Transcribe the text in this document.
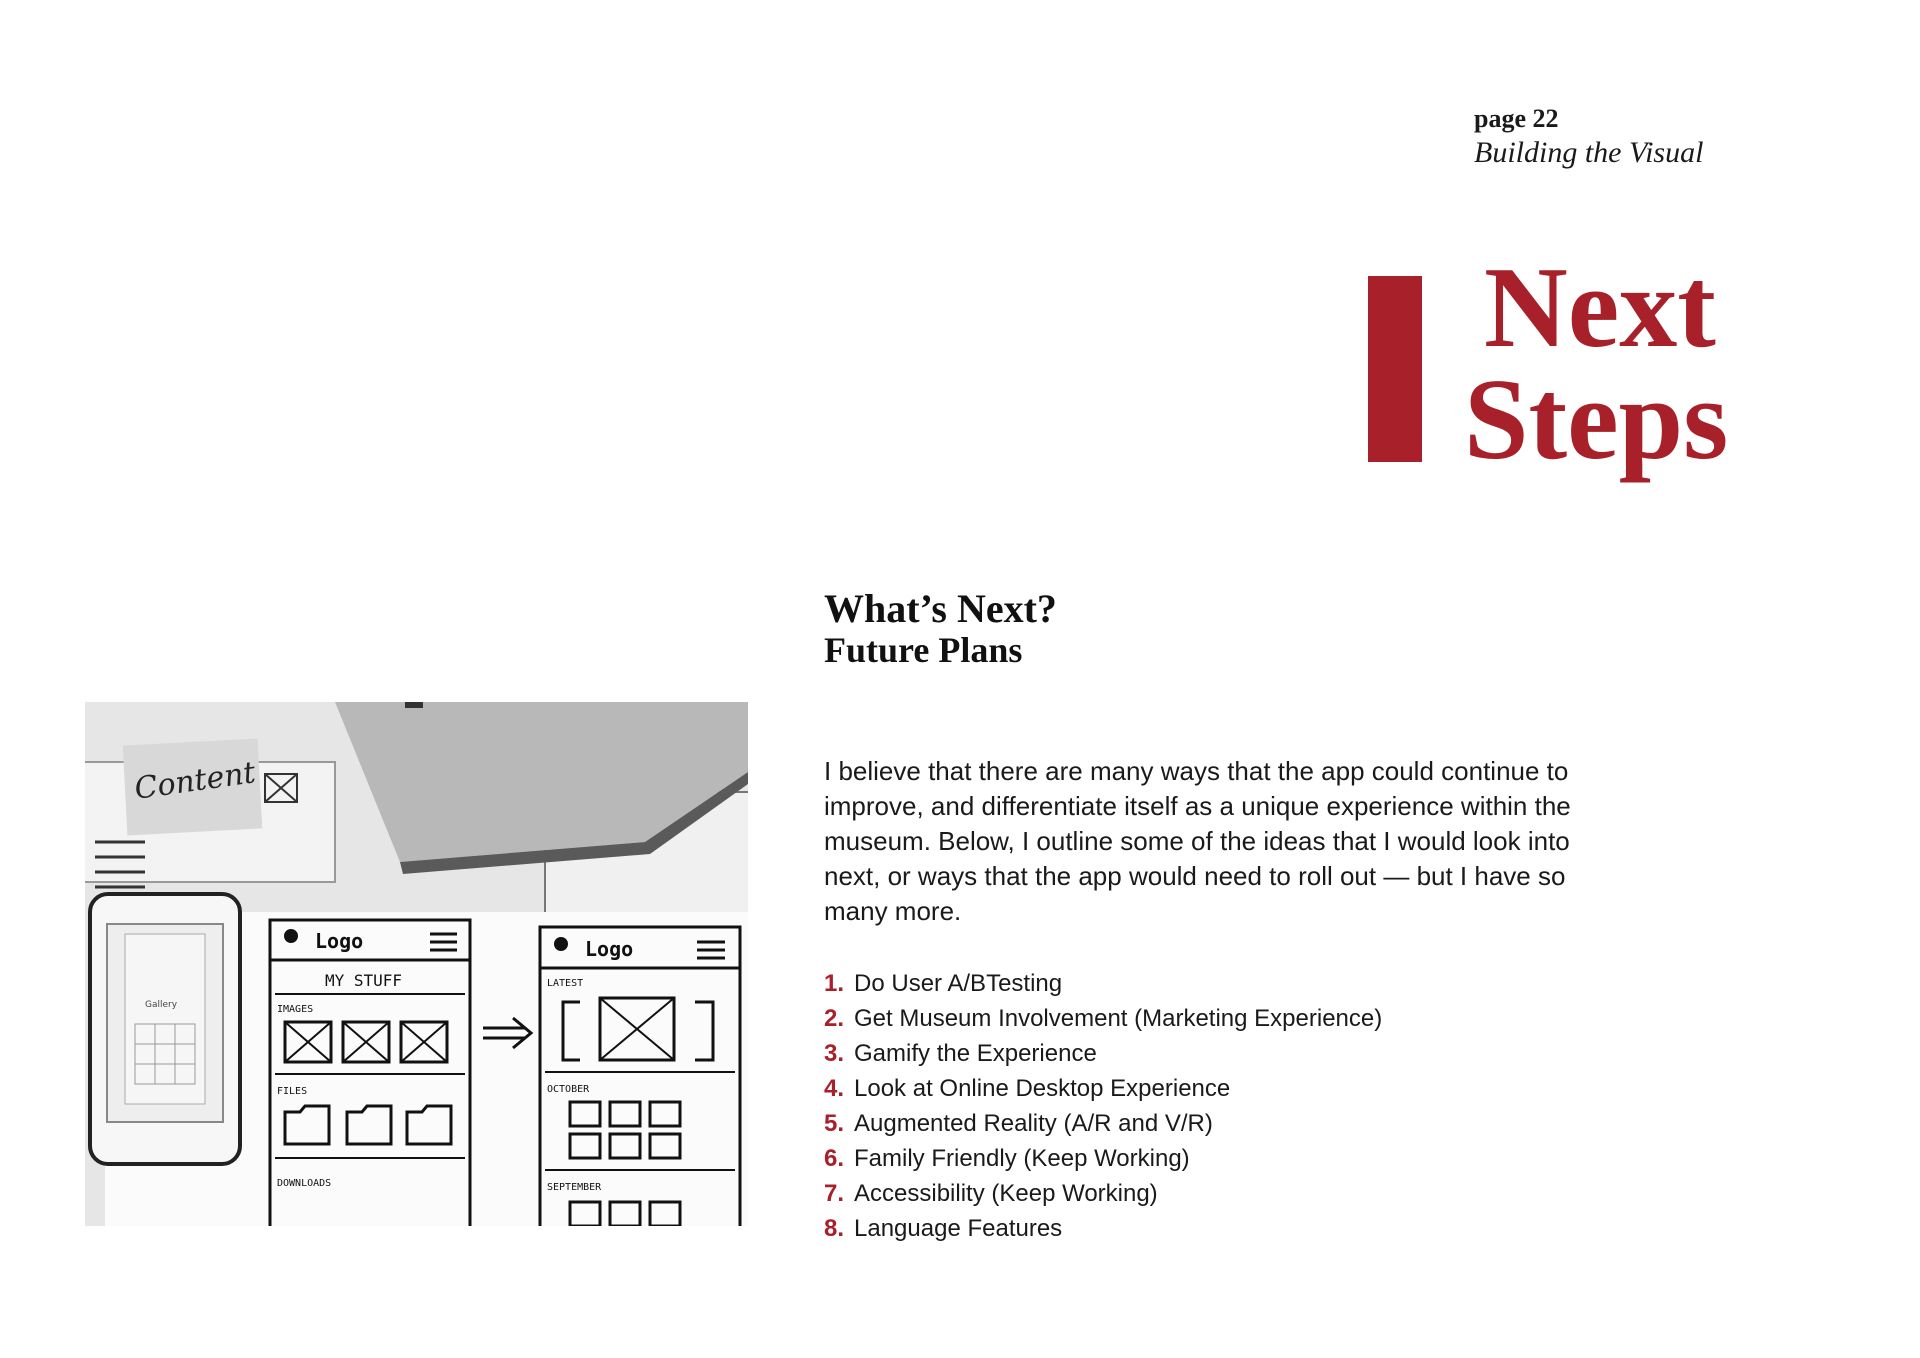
page 22
Building the Visual
Next
Steps
What’s Next?
Future Plans

I believe that there are many ways that the app could continue to improve, and differentiate itself as a unique experience within the museum. Below, I outline some of the ideas that I would look into next, or ways that the app would need to roll out — but I have so many more.

1. Do User A/BTesting
2. Get Museum Involvement (Marketing Experience)
3. Gamify the Experience
4. Look at Online Desktop Experience
5. Augmented Reality (A/R and V/R)
6. Family Friendly (Keep Working)
7. Accessibility (Keep Working)
8. Language Features
Content
Gallery
Logo
MY STUFF
IMAGES
FILES
DOWNLOADS
Logo
LATEST
OCTOBER
SEPTEMBER
